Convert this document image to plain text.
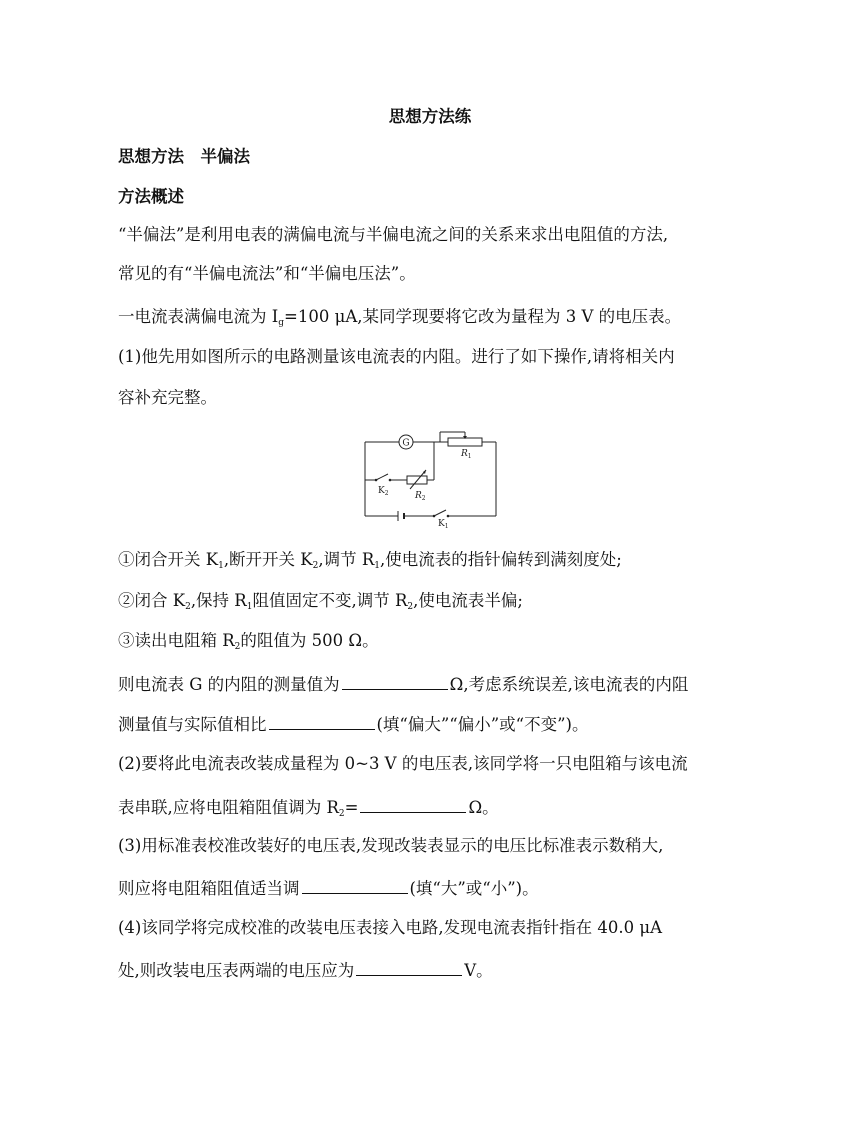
思想方法练
思想方法　半偏法
方法概述
“半偏法”是利用电表的满偏电流与半偏电流之间的关系来求出电阻值的方法,
常见的有“半偏电流法”和“半偏电压法”。
一电流表满偏电流为 $I_g=100$ μA,某同学现要将它改为量程为 3 V 的电压表。
(1)他先用如图所示的电路测量该电流表的内阻。进行了如下操作,请将相关内
容补充完整。
G
$R_1$
$R_2$
$K_2$
$K_1$
①闭合开关 $K_1$,断开开关 $K_2$,调节 $R_1$,使电流表的指针偏转到满刻度处;
②闭合 $K_2$,保持 $R_1$阻值固定不变,调节 $R_2$,使电流表半偏;
③读出电阻箱 $R_2$的阻值为 500 Ω。
则电流表 G 的内阻的测量值为	Ω,考虑系统误差,该电流表的内阻
测量值与实际值相比	(填“偏大”“偏小”或“不变”)。
(2)要将此电流表改装成量程为 0~3 V 的电压表,该同学将一只电阻箱与该电流
表串联,应将电阻箱阻值调为 $R_2=$	Ω。
(3)用标准表校准改装好的电压表,发现改装表显示的电压比标准表示数稍大,
则应将电阻箱阻值适当调	(填“大”或“小”)。
(4)该同学将完成校准的改装电压表接入电路,发现电流表指针指在 40.0 μA
处,则改装电压表两端的电压应为	V。
